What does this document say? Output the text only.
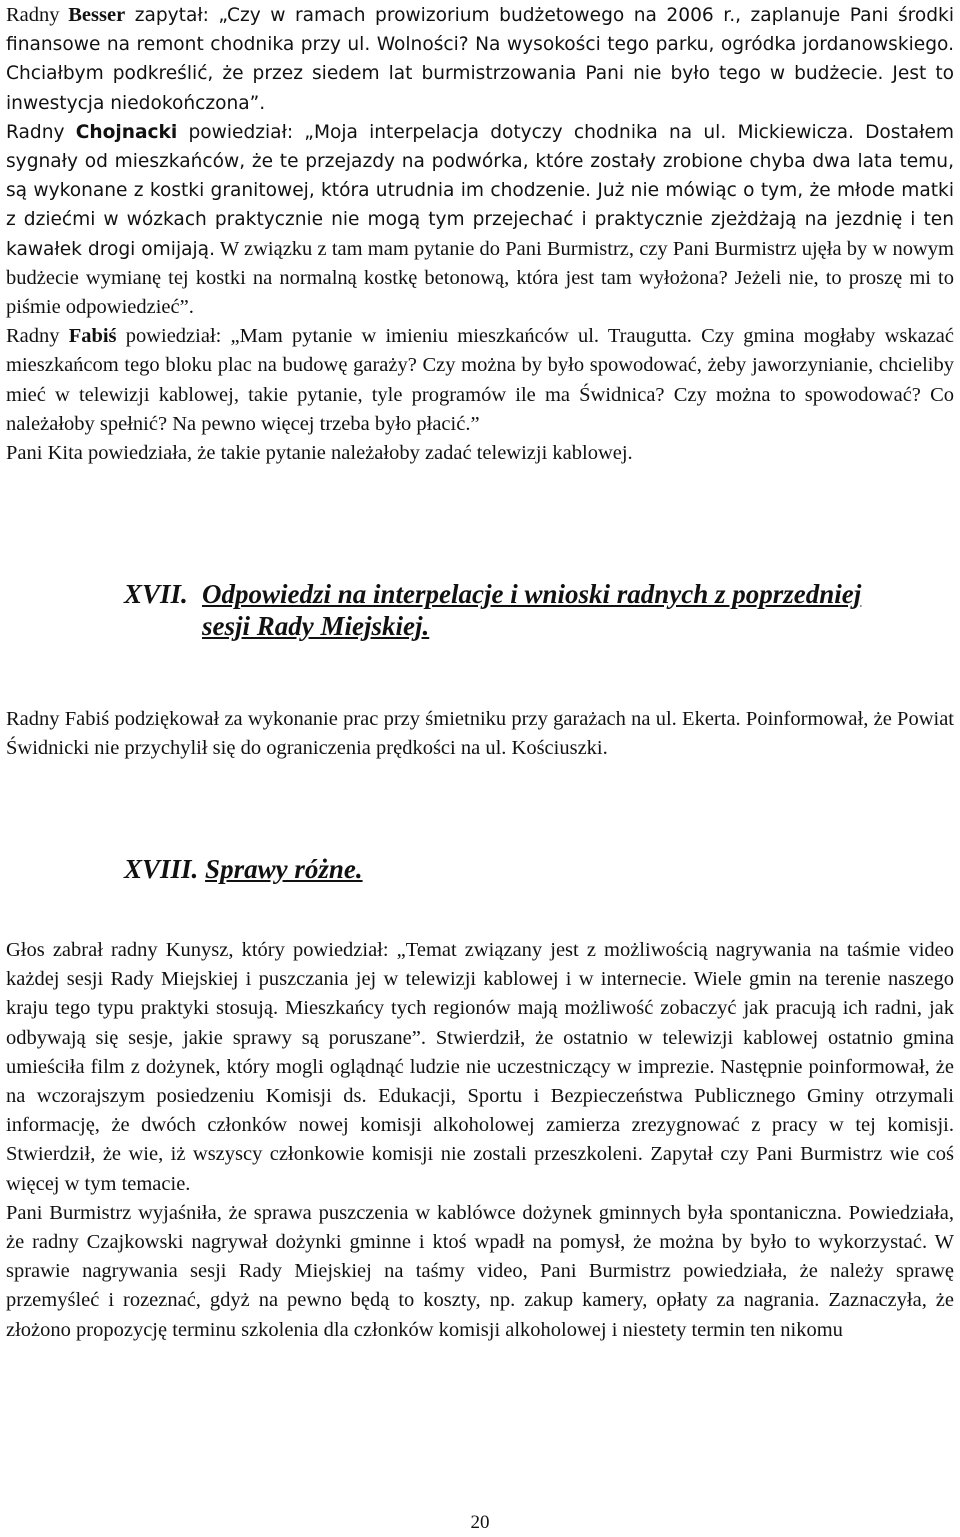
Radny Besser zapytał: „Czy w ramach prowizorium budżetowego na 2006 r., zaplanuje Pani środki finansowe na remont chodnika przy ul. Wolności? Na wysokości tego parku, ogródka jordanowskiego. Chciałbym podkreślić, że przez siedem lat burmistrzowania Pani nie było tego w budżecie. Jest to inwestycja niedokończona”.

Radny Chojnacki powiedział: „Moja interpelacja dotyczy chodnika na ul. Mickiewicza. Dostałem sygnały od mieszkańców, że te przejazdy na podwórka, które zostały zrobione chyba dwa lata temu, są wykonane z kostki granitowej, która utrudnia im chodzenie. Już nie mówiąc o tym, że młode matki z dziećmi w wózkach praktycznie nie mogą tym przejechać i praktycznie zjeżdżają na jezdnię i ten kawałek drogi omijają. W związku z tam mam pytanie do Pani Burmistrz, czy Pani Burmistrz ujęła by w nowym budżecie wymianę tej kostki na normalną kostkę betonową, która jest tam wyłożona? Jeżeli nie, to proszę mi to piśmie odpowiedzieć”.

Radny Fabiś powiedział: „Mam pytanie w imieniu mieszkańców ul. Traugutta. Czy gmina mogłaby wskazać mieszkańcom tego bloku plac na budowę garaży? Czy można by było spowodować, żeby jaworzynianie, chcieliby mieć w telewizji kablowej, takie pytanie, tyle programów ile ma Świdnica? Czy można to spowodować? Co należałoby spełnić? Na pewno więcej trzeba było płacić.”

Pani Kita powiedziała, że takie pytanie należałoby zadać telewizji kablowej.

XVII. Odpowiedzi na interpelacje i wnioski radnych z poprzedniej
sesji Rady Miejskiej.

Radny Fabiś podziękował za wykonanie prac przy śmietniku przy garażach na ul. Ekerta. Poinformował, że Powiat Świdnicki nie przychylił się do ograniczenia prędkości na ul. Kościuszki.

XVIII. Sprawy różne.

Głos zabrał radny Kunysz, który powiedział: „Temat związany jest z możliwością nagrywania na taśmie video każdej sesji Rady Miejskiej i puszczania jej w telewizji kablowej i w internecie. Wiele gmin na terenie naszego kraju tego typu praktyki stosują. Mieszkańcy tych regionów mają możliwość zobaczyć jak pracują ich radni, jak odbywają się sesje, jakie sprawy są poruszane”. Stwierdził, że ostatnio w telewizji kablowej ostatnio gmina umieściła film z dożynek, który mogli oglądnąć ludzie nie uczestniczący w imprezie. Następnie poinformował, że na wczorajszym posiedzeniu Komisji ds. Edukacji, Sportu i Bezpieczeństwa Publicznego Gminy otrzymali informację, że dwóch członków nowej komisji alkoholowej zamierza zrezygnować z pracy w tej komisji. Stwierdził, że wie, iż wszyscy członkowie komisji nie zostali przeszkoleni. Zapytał czy Pani Burmistrz wie coś więcej w tym temacie.

Pani Burmistrz wyjaśniła, że sprawa puszczenia w kablówce dożynek gminnych była spontaniczna. Powiedziała, że radny Czajkowski nagrywał dożynki gminne i ktoś wpadł na pomysł, że można by było to wykorzystać. W sprawie nagrywania sesji Rady Miejskiej na taśmy video, Pani Burmistrz powiedziała, że należy sprawę przemyśleć i rozeznać, gdyż na pewno będą to koszty, np. zakup kamery, opłaty za nagrania. Zaznaczyła, że złożono propozycję terminu szkolenia dla członków komisji alkoholowej i niestety termin ten nikomu

20
